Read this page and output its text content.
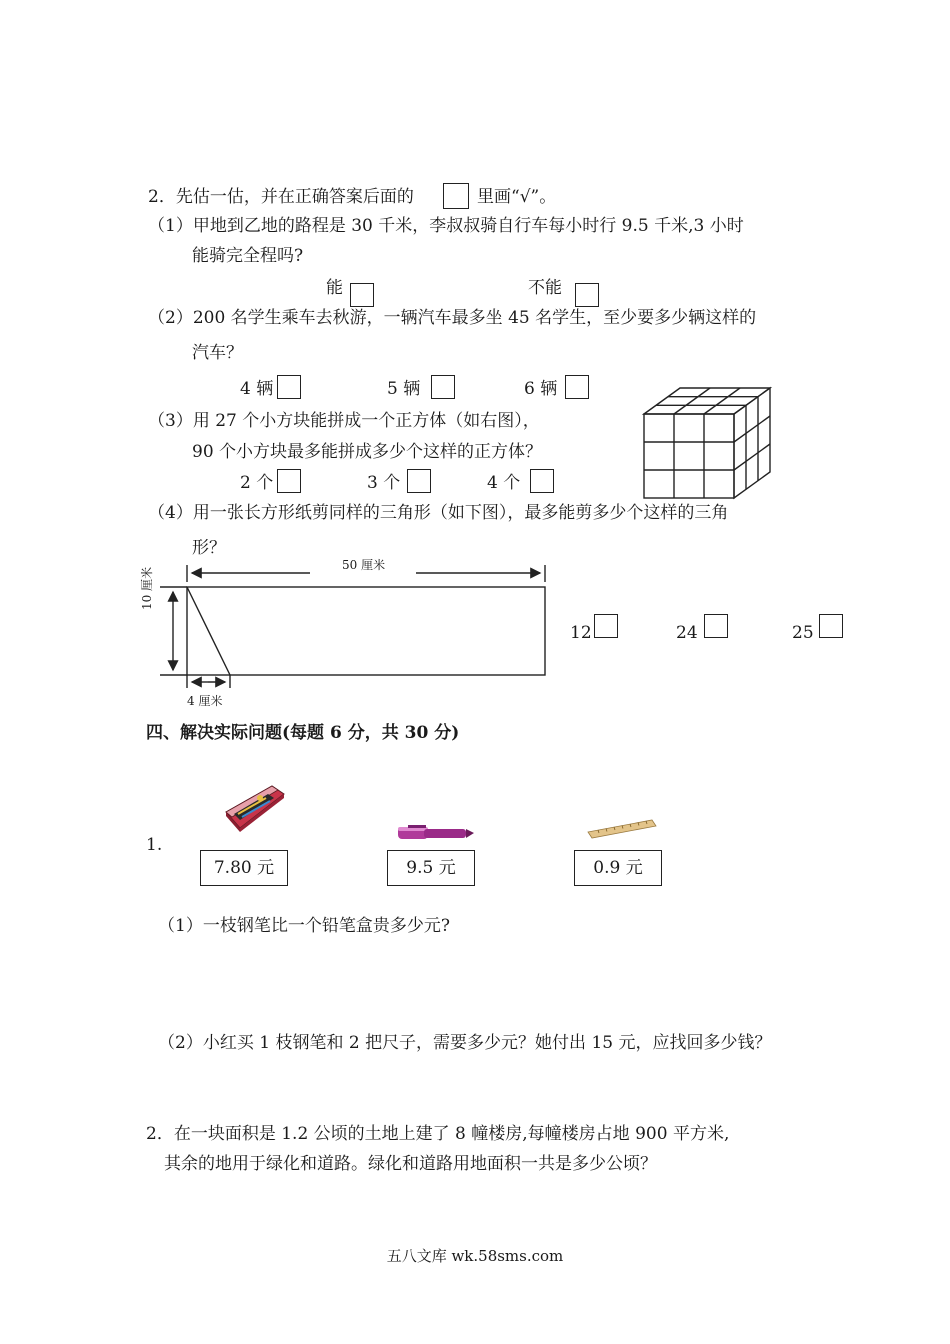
2．先估一估，并在正确答案后面的	里画“√”。
（1）甲地到乙地的路程是 30 千米，李叔叔骑自行车每小时行 9.5 千米,3 小时
能骑完全程吗?
能	不能
（2）200 名学生乘车去秋游，一辆汽车最多坐 45 名学生，至少要多少辆这样的
汽车？
4 辆	5 辆	6 辆
（3）用 27 个小方块能拼成一个正方体（如右图），
90 个小方块最多能拼成多少个这样的正方体？
2 个	3 个	4 个
（4）用一张长方形纸剪同样的三角形（如下图），最多能剪多少个这样的三角
形？
50 厘米
10 厘米
4 厘米
12	24	25
四、解决实际问题(每题 6 分，共 30 分)
1.
7.80 元	9.5 元	0.9 元
（1）一枝钢笔比一个铅笔盒贵多少元?
（2）小红买 1 枝钢笔和 2 把尺子，需要多少元？她付出 15 元，应找回多少钱？
2．在一块面积是 1.2 公顷的土地上建了 8 幢楼房,每幢楼房占地 900 平方米,
其余的地用于绿化和道路。绿化和道路用地面积一共是多少公顷？
五八文库 wk.58sms.com
